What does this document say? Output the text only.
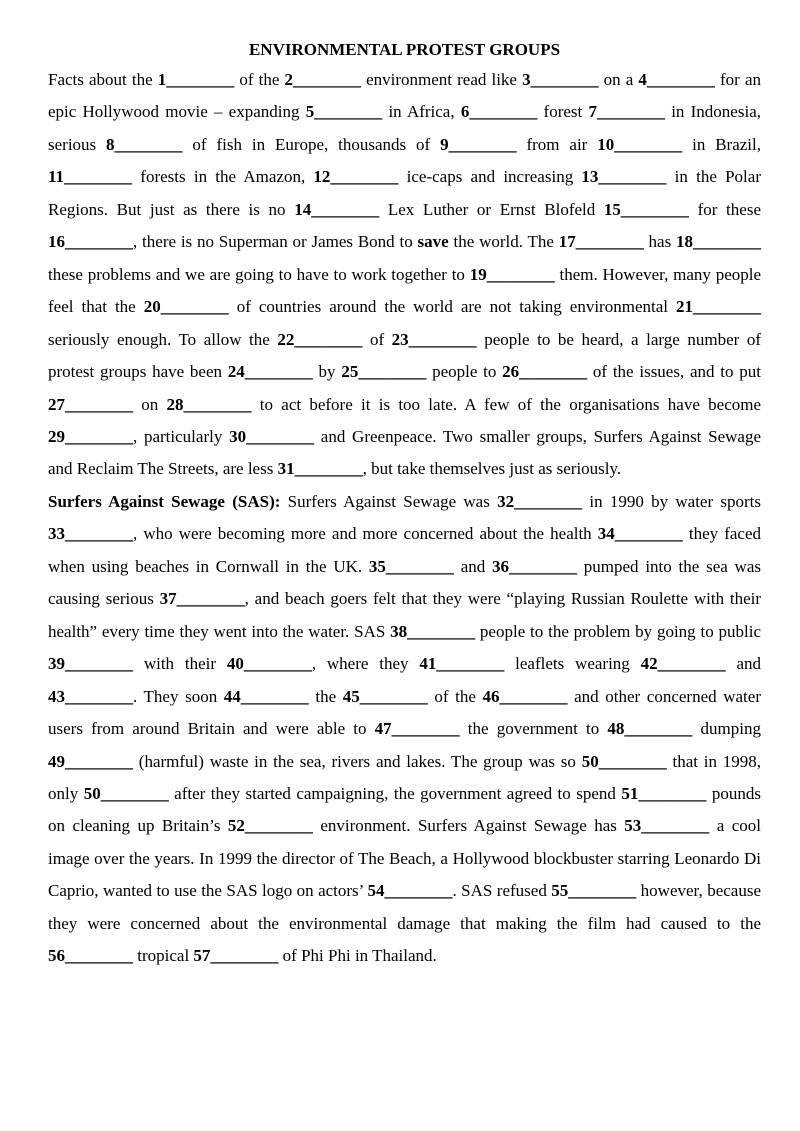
ENVIRONMENTAL PROTEST GROUPS

Facts about the 1________ of the 2________ environment read like 3________ on a 4________ for an epic Hollywood movie – expanding 5________ in Africa, 6________ forest 7________ in Indonesia, serious 8________ of fish in Europe, thousands of 9________ from air 10________ in Brazil, 11________ forests in the Amazon, 12________ ice-caps and increasing 13________ in the Polar Regions. But just as there is no 14________ Lex Luther or Ernst Blofeld 15________ for these 16________, there is no Superman or James Bond to save the world. The 17________ has 18________ these problems and we are going to have to work together to 19________ them. However, many people feel that the 20________ of countries around the world are not taking environmental 21________ seriously enough. To allow the 22________ of 23________ people to be heard, a large number of protest groups have been 24________ by 25________ people to 26________ of the issues, and to put 27________ on 28________ to act before it is too late. A few of the organisations have become 29________, particularly 30________ and Greenpeace. Two smaller groups, Surfers Against Sewage and Reclaim The Streets, are less 31________, but take themselves just as seriously.

Surfers Against Sewage (SAS): Surfers Against Sewage was 32________ in 1990 by water sports 33________, who were becoming more and more concerned about the health 34________ they faced when using beaches in Cornwall in the UK. 35________ and 36________ pumped into the sea was causing serious 37________, and beach goers felt that they were “playing Russian Roulette with their health” every time they went into the water. SAS 38________ people to the problem by going to public 39________ with their 40________, where they 41________ leaflets wearing 42________ and 43________. They soon 44________ the 45________ of the 46________ and other concerned water users from around Britain and were able to 47________ the government to 48________ dumping 49________ (harmful) waste in the sea, rivers and lakes. The group was so 50________ that in 1998, only 50________ after they started campaigning, the government agreed to spend 51________ pounds on cleaning up Britain’s 52________ environment. Surfers Against Sewage has 53________ a cool image over the years. In 1999 the director of The Beach, a Hollywood blockbuster starring Leonardo Di Caprio, wanted to use the SAS logo on actors’ 54________. SAS refused 55________ however, because they were concerned about the environmental damage that making the film had caused to the 56________ tropical 57________ of Phi Phi in Thailand.
